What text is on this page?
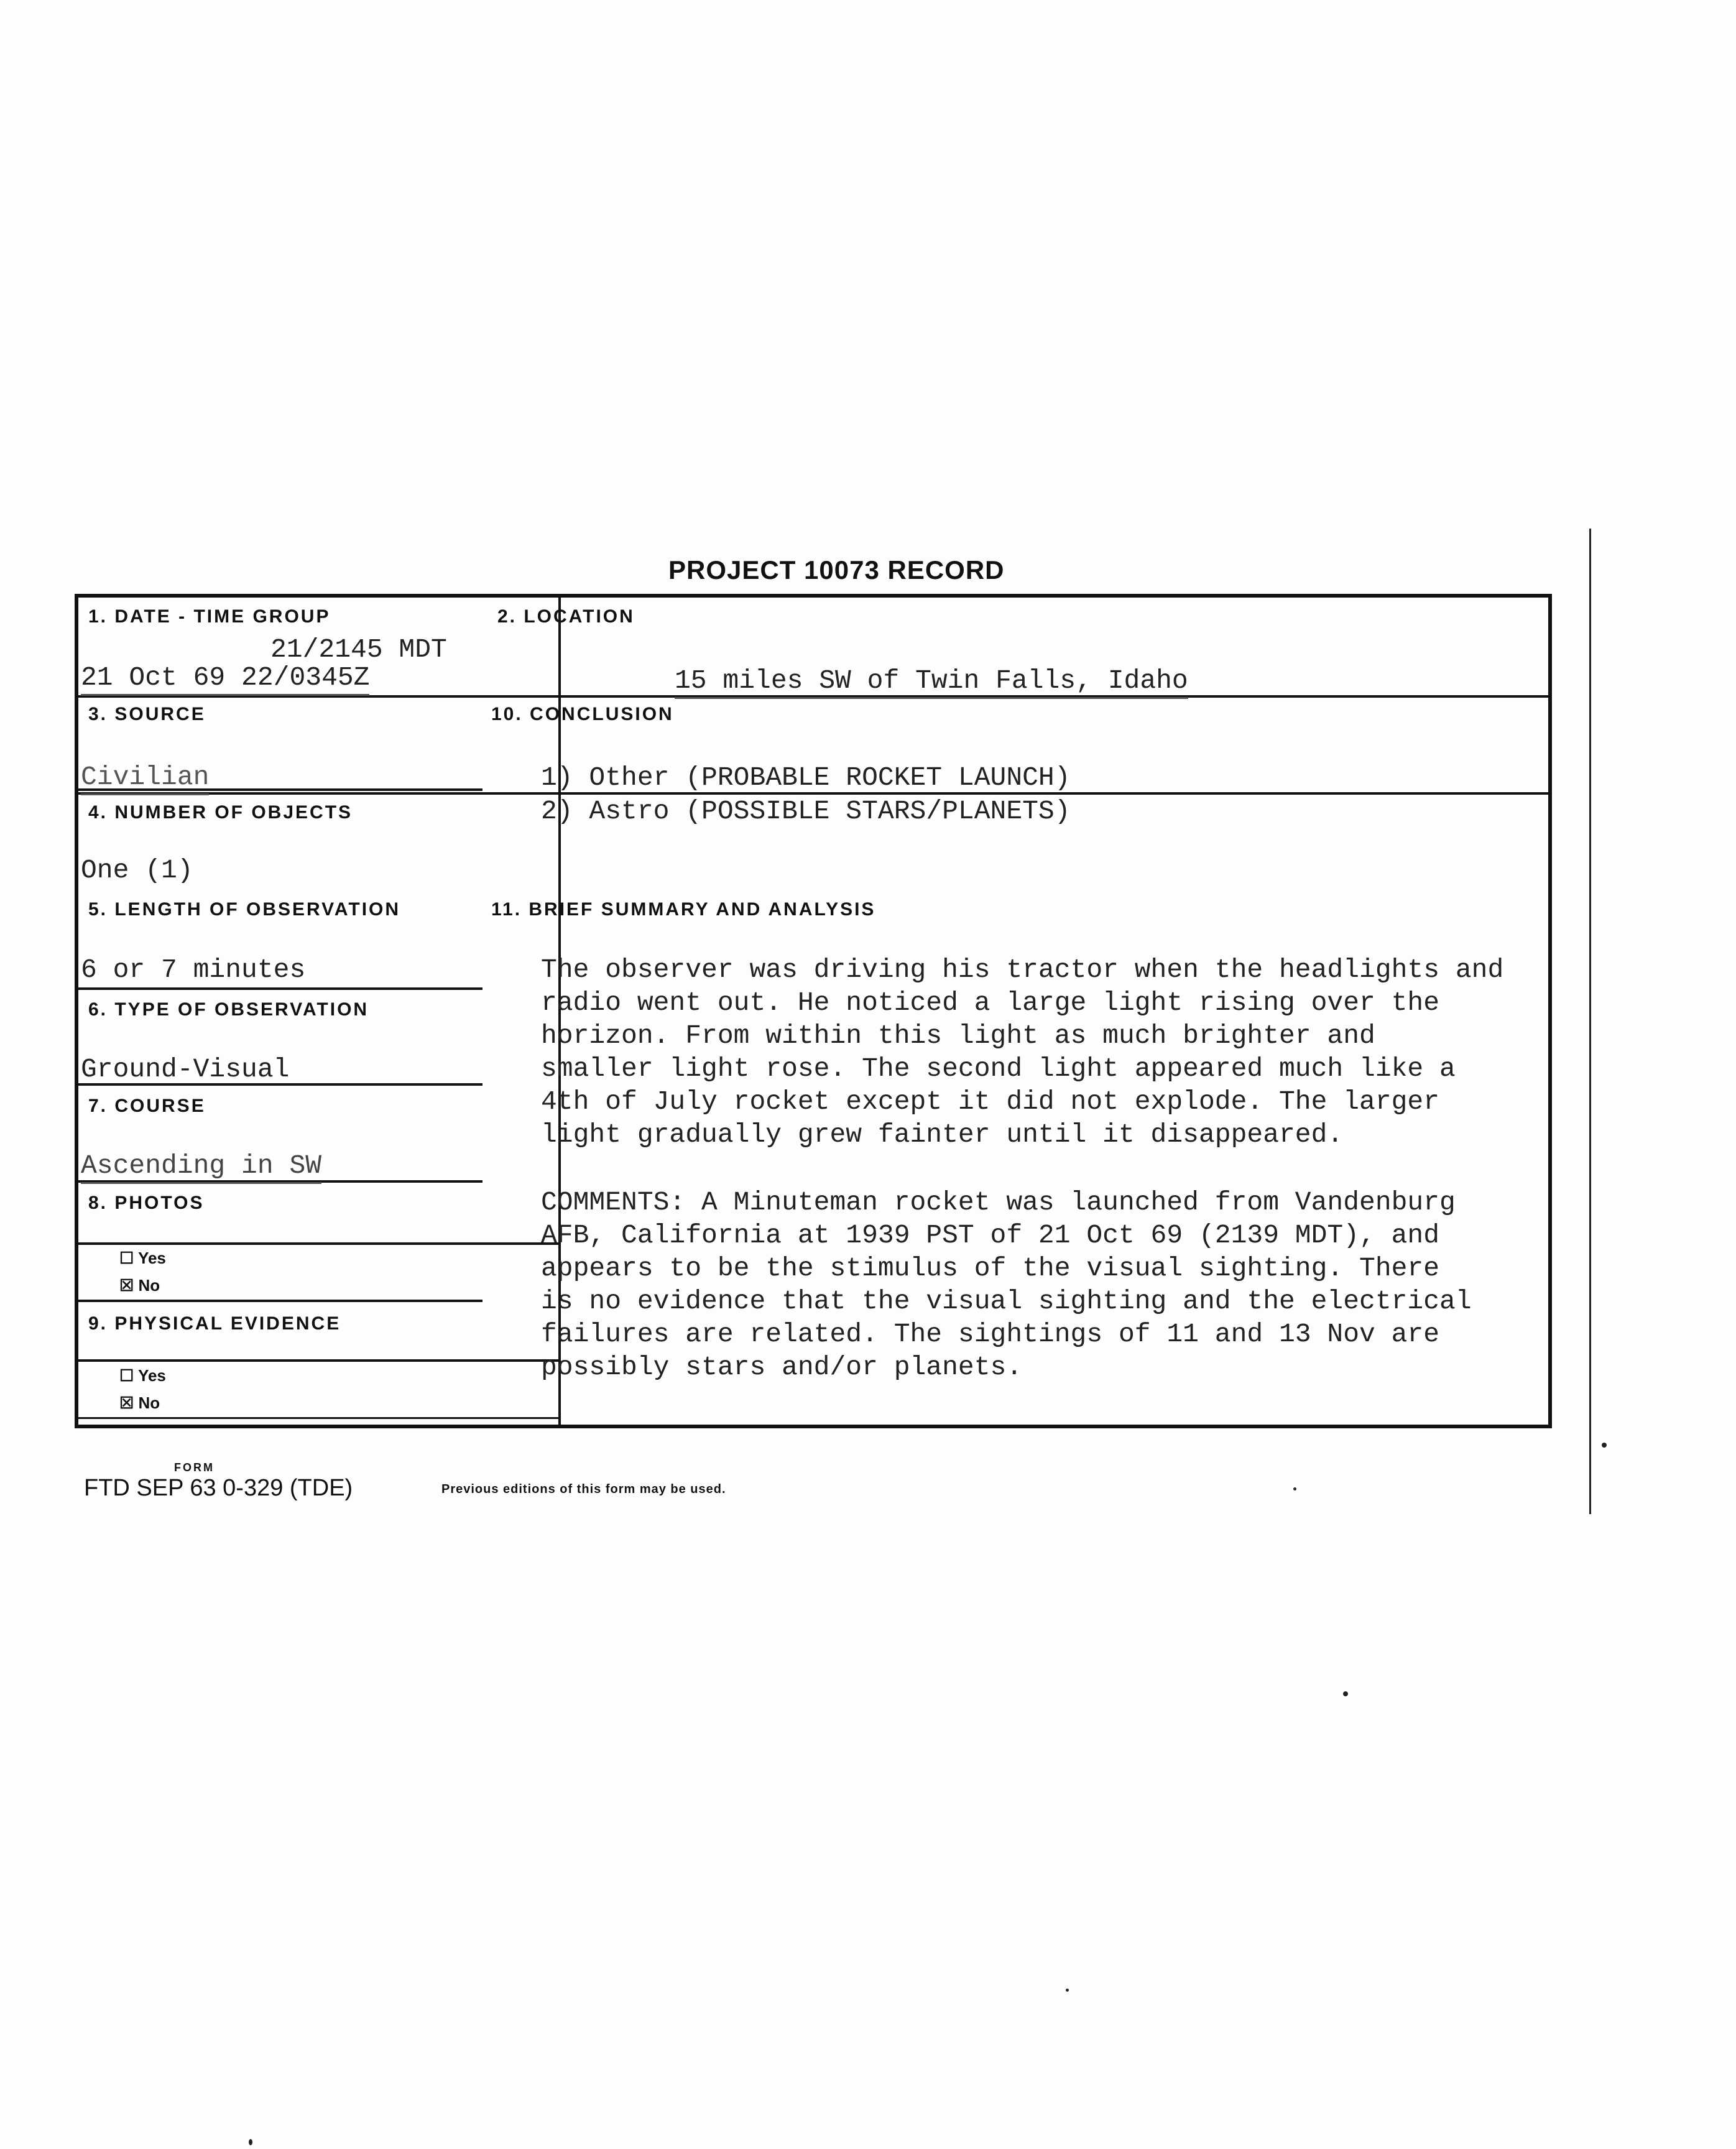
PROJECT 10073 RECORD
1. DATE - TIME GROUP
21/2145 MDT
21 Oct 69 22/0345Z
2. LOCATION
15 miles SW of Twin Falls, Idaho
3. SOURCE
Civilian
4. NUMBER OF OBJECTS
One (1)
10. CONCLUSION
1) Other (PROBABLE ROCKET LAUNCH)
2) Astro (POSSIBLE STARS/PLANETS)
5. LENGTH OF OBSERVATION
6 or 7 minutes
6. TYPE OF OBSERVATION
Ground-Visual
7. COURSE
Ascending in SW
8. PHOTOS
☐ Yes
☒ No
9. PHYSICAL EVIDENCE
☐ Yes
☒ No
11. BRIEF SUMMARY AND ANALYSIS

The observer was driving his tractor when the headlights and

radio went out. He noticed a large light rising over the

horizon. From within this light as much brighter and

smaller light rose. The second light appeared much like a

4th of July rocket except it did not explode. The larger

light gradually grew fainter until it disappeared.

COMMENTS: A Minuteman rocket was launched from Vandenburg

AFB, California at 1939 PST of 21 Oct 69 (2139 MDT), and

appears to be the stimulus of the visual sighting. There

is no evidence that the visual sighting and the electrical

failures are related. The sightings of 11 and 13 Nov are

possibly stars and/or planets.

FORM
FTD SEP 63 0-329 (TDE)	Previous editions of this form may be used.
